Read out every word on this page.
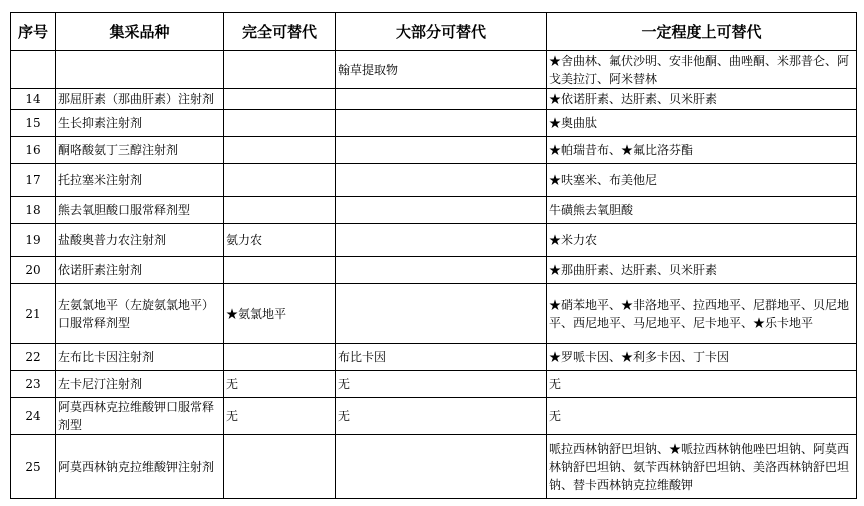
序号	集采品种	完全可替代	大部分可替代	一定程度上可替代
			翰草提取物	★舍曲林、氟伏沙明、安非他酮、曲唑酮、米那普仑、阿戈美拉汀、阿米替林
14	那屈肝素（那曲肝素）注射剂			★依诺肝素、达肝素、贝米肝素
15	生长抑素注射剂			★奥曲肽
16	酮咯酸氨丁三醇注射剂			★帕瑞昔布、★氟比洛芬酯
17	托拉塞米注射剂			★呋塞米、布美他尼
18	熊去氧胆酸口服常释剂型			牛磺熊去氧胆酸
19	盐酸奥普力农注射剂	氨力农		★米力农
20	依诺肝素注射剂			★那曲肝素、达肝素、贝米肝素
21	左氨氯地平（左旋氨氯地平）口服常释剂型	★氨氯地平		★硝苯地平、★非洛地平、拉西地平、尼群地平、贝尼地平、西尼地平、马尼地平、尼卡地平、★乐卡地平
22	左布比卡因注射剂		布比卡因	★罗哌卡因、★利多卡因、丁卡因
23	左卡尼汀注射剂	无	无	无
24	阿莫西林克拉维酸钾口服常释剂型	无	无	无
25	阿莫西林钠克拉维酸钾注射剂			哌拉西林钠舒巴坦钠、★哌拉西林钠他唑巴坦钠、阿莫西林钠舒巴坦钠、氨苄西林钠舒巴坦钠、美洛西林钠舒巴坦钠、替卡西林钠克拉维酸钾
